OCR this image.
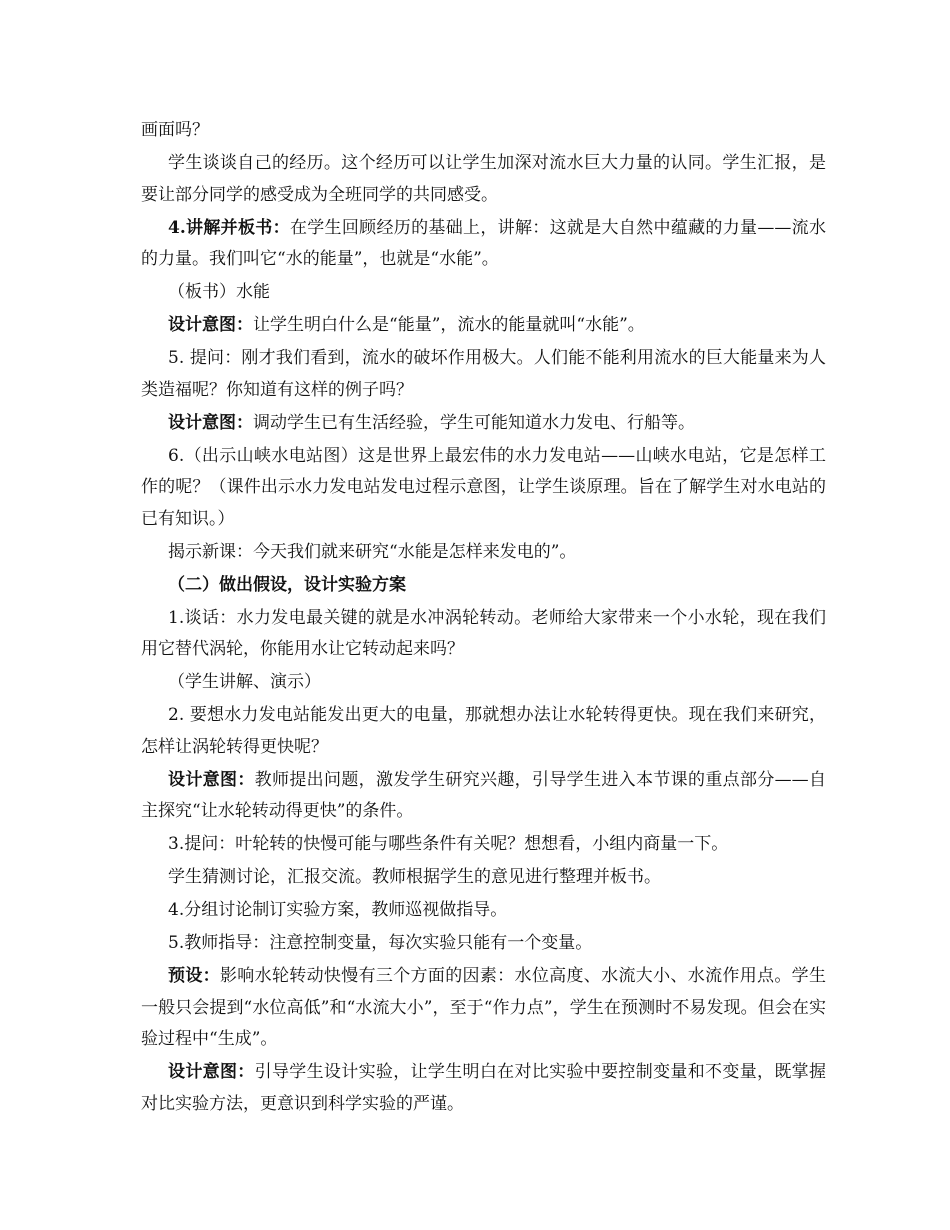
画面吗？

学生谈谈自己的经历。这个经历可以让学生加深对流水巨大力量的认同。学生汇报，是要让部分同学的感受成为全班同学的共同感受。

4.讲解并板书：在学生回顾经历的基础上，讲解：这就是大自然中蕴藏的力量——流水的力量。我们叫它“水的能量”，也就是“水能”。

（板书）水能

设计意图：让学生明白什么是“能量”，流水的能量就叫“水能”。

5. 提问：刚才我们看到，流水的破坏作用极大。人们能不能利用流水的巨大能量来为人类造福呢？你知道有这样的例子吗？

设计意图：调动学生已有生活经验，学生可能知道水力发电、行船等。

6.（出示山峡水电站图）这是世界上最宏伟的水力发电站——山峡水电站，它是怎样工作的呢？（课件出示水力发电站发电过程示意图，让学生谈原理。旨在了解学生对水电站的已有知识。）

揭示新课：今天我们就来研究“水能是怎样来发电的”。

（二）做出假设，设计实验方案

1.谈话：水力发电最关键的就是水冲涡轮转动。老师给大家带来一个小水轮，现在我们用它替代涡轮，你能用水让它转动起来吗？

（学生讲解、演示）

2. 要想水力发电站能发出更大的电量，那就想办法让水轮转得更快。现在我们来研究，怎样让涡轮转得更快呢？

设计意图：教师提出问题，激发学生研究兴趣，引导学生进入本节课的重点部分——自主探究“让水轮转动得更快”的条件。

3.提问：叶轮转的快慢可能与哪些条件有关呢？想想看，小组内商量一下。

学生猜测讨论，汇报交流。教师根据学生的意见进行整理并板书。

4.分组讨论制订实验方案，教师巡视做指导。

5.教师指导：注意控制变量，每次实验只能有一个变量。

预设：影响水轮转动快慢有三个方面的因素：水位高度、水流大小、水流作用点。学生一般只会提到“水位高低”和“水流大小”，至于“作力点”，学生在预测时不易发现。但会在实验过程中“生成”。

设计意图：引导学生设计实验，让学生明白在对比实验中要控制变量和不变量，既掌握对比实验方法，更意识到科学实验的严谨。
